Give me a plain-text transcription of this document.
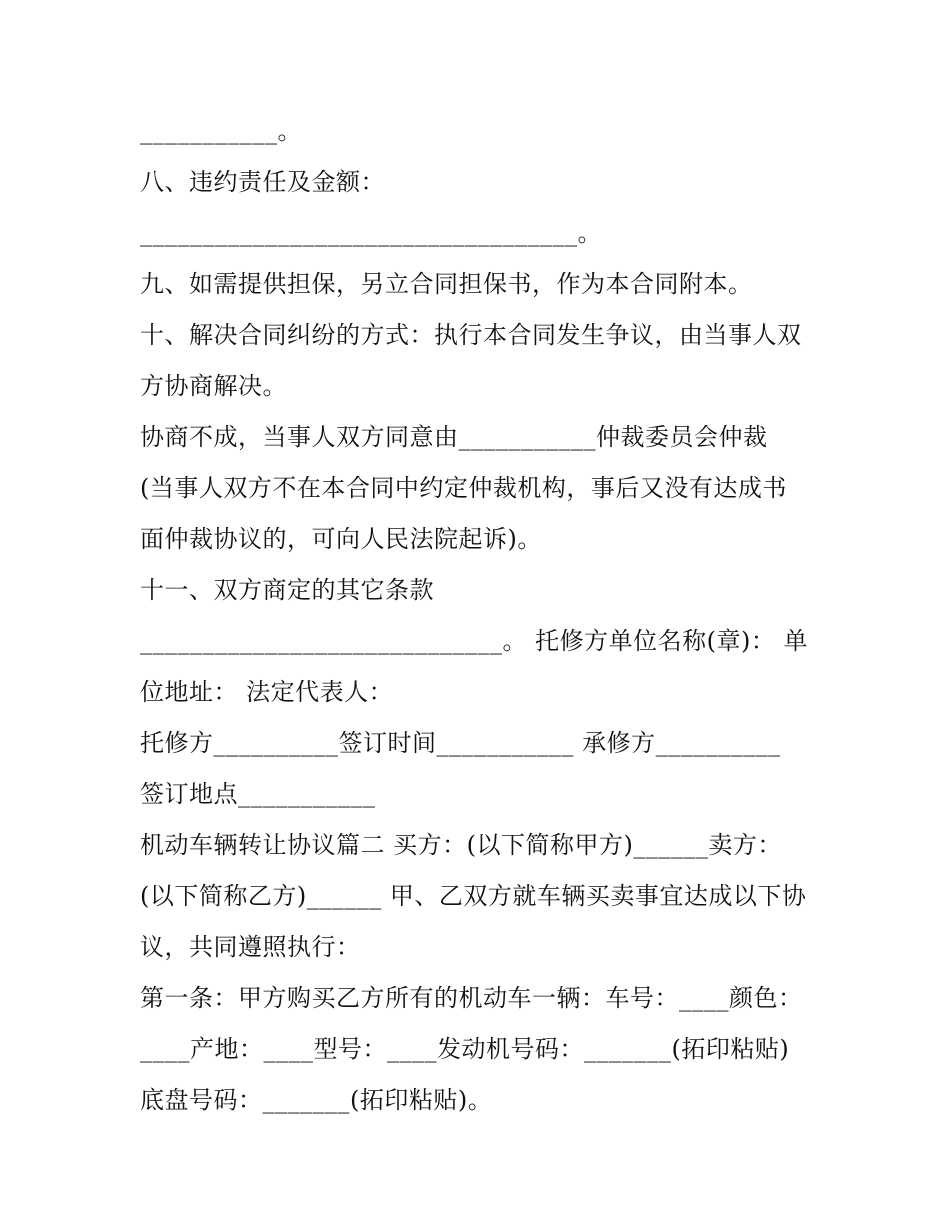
___________。
八、违约责任及金额：
___________________________________。
九、如需提供担保，另立合同担保书，作为本合同附本。
十、解决合同纠纷的方式：执行本合同发生争议，由当事人双
方协商解决。
协商不成，当事人双方同意由___________仲裁委员会仲裁
(当事人双方不在本合同中约定仲裁机构，事后又没有达成书
面仲裁协议的，可向人民法院起诉)。
十一、双方商定的其它条款
_____________________________。 托修方单位名称(章)： 单
位地址： 法定代表人：
托修方__________签订时间___________ 承修方__________
签订地点___________
机动车辆转让协议篇二 买方：(以下简称甲方)______卖方：
(以下简称乙方)______ 甲、乙双方就车辆买卖事宜达成以下协
议，共同遵照执行：
第一条：甲方购买乙方所有的机动车一辆：车号：____颜色：
____产地：____型号：____发动机号码：_______(拓印粘贴)
底盘号码：_______(拓印粘贴)。
